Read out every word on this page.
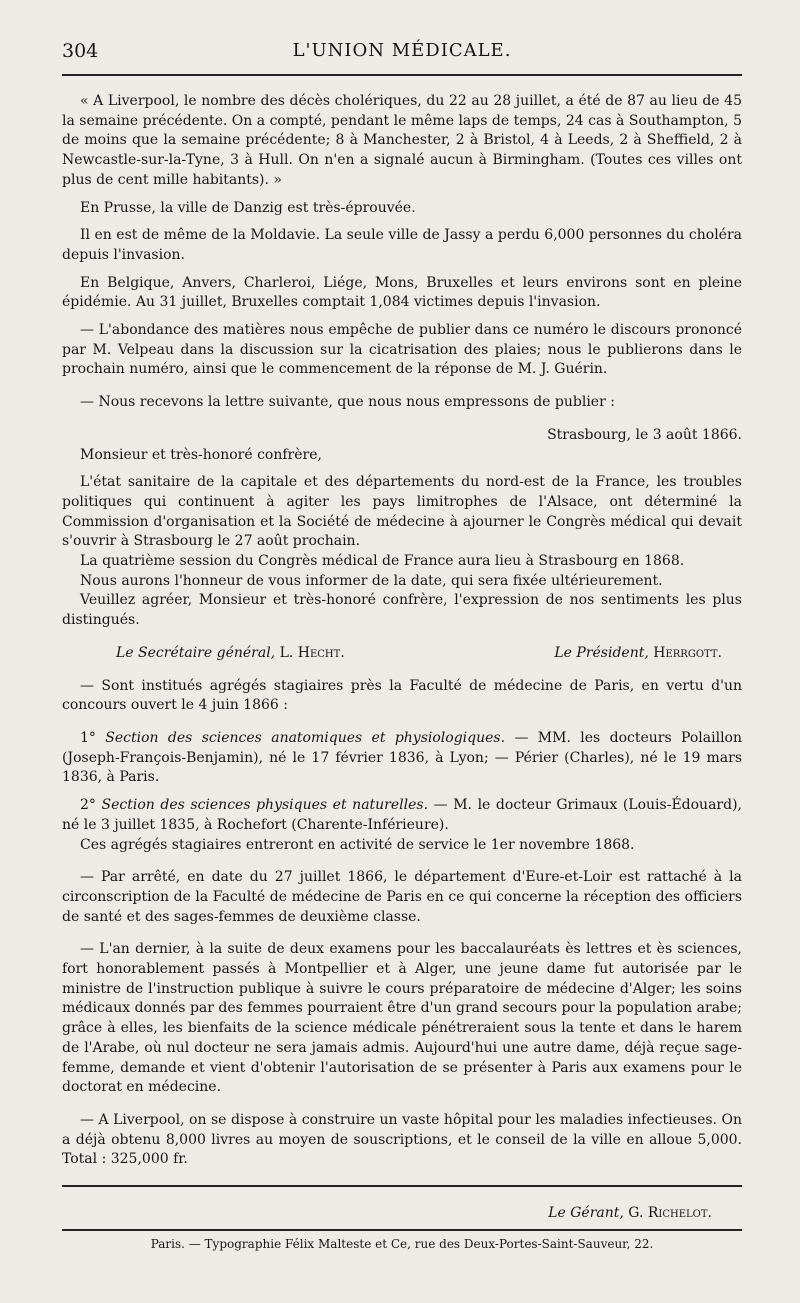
304	L'UNION MÉDICALE.

« A Liverpool, le nombre des décès cholériques, du 22 au 28 juillet, a été de 87 au lieu de 45 la semaine précédente. On a compté, pendant le même laps de temps, 24 cas à Southampton, 5 de moins que la semaine précédente; 8 à Manchester, 2 à Bristol, 4 à Leeds, 2 à Sheffield, 2 à Newcastle-sur-la-Tyne, 3 à Hull. On n'en a signalé aucun à Birmingham. (Toutes ces villes ont plus de cent mille habitants). »

En Prusse, la ville de Danzig est très-éprouvée.

Il en est de même de la Moldavie. La seule ville de Jassy a perdu 6,000 personnes du choléra depuis l'invasion.

En Belgique, Anvers, Charleroi, Liége, Mons, Bruxelles et leurs environs sont en pleine épidémie. Au 31 juillet, Bruxelles comptait 1,084 victimes depuis l'invasion.

— L'abondance des matières nous empêche de publier dans ce numéro le discours prononcé par M. Velpeau dans la discussion sur la cicatrisation des plaies; nous le publierons dans le prochain numéro, ainsi que le commencement de la réponse de M. J. Guérin.

— Nous recevons la lettre suivante, que nous nous empressons de publier :

Strasbourg, le 3 août 1866.

Monsieur et très-honoré confrère,

L'état sanitaire de la capitale et des départements du nord-est de la France, les troubles politiques qui continuent à agiter les pays limitrophes de l'Alsace, ont déterminé la Commission d'organisation et la Société de médecine à ajourner le Congrès médical qui devait s'ouvrir à Strasbourg le 27 août prochain.

La quatrième session du Congrès médical de France aura lieu à Strasbourg en 1868.

Nous aurons l'honneur de vous informer de la date, qui sera fixée ultérieurement.

Veuillez agréer, Monsieur et très-honoré confrère, l'expression de nos sentiments les plus distingués.

Le Secrétaire général, L. Hecht.	Le Président, Herrgott.

— Sont institués agrégés stagiaires près la Faculté de médecine de Paris, en vertu d'un concours ouvert le 4 juin 1866 :

1° Section des sciences anatomiques et physiologiques. — MM. les docteurs Polaillon (Joseph-François-Benjamin), né le 17 février 1836, à Lyon; — Périer (Charles), né le 19 mars 1836, à Paris.

2° Section des sciences physiques et naturelles. — M. le docteur Grimaux (Louis-Édouard), né le 3 juillet 1835, à Rochefort (Charente-Inférieure).

Ces agrégés stagiaires entreront en activité de service le 1er novembre 1868.

— Par arrêté, en date du 27 juillet 1866, le département d'Eure-et-Loir est rattaché à la circonscription de la Faculté de médecine de Paris en ce qui concerne la réception des officiers de santé et des sages-femmes de deuxième classe.

— L'an dernier, à la suite de deux examens pour les baccalauréats ès lettres et ès sciences, fort honorablement passés à Montpellier et à Alger, une jeune dame fut autorisée par le ministre de l'instruction publique à suivre le cours préparatoire de médecine d'Alger; les soins médicaux donnés par des femmes pourraient être d'un grand secours pour la population arabe; grâce à elles, les bienfaits de la science médicale pénétreraient sous la tente et dans le harem de l'Arabe, où nul docteur ne sera jamais admis. Aujourd'hui une autre dame, déjà reçue sage-femme, demande et vient d'obtenir l'autorisation de se présenter à Paris aux examens pour le doctorat en médecine.

— A Liverpool, on se dispose à construire un vaste hôpital pour les maladies infectieuses. On a déjà obtenu 8,000 livres au moyen de souscriptions, et le conseil de la ville en alloue 5,000. Total : 325,000 fr.

Le Gérant, G. Richelot.
Paris. — Typographie Félix Malteste et Ce, rue des Deux-Portes-Saint-Sauveur, 22.
